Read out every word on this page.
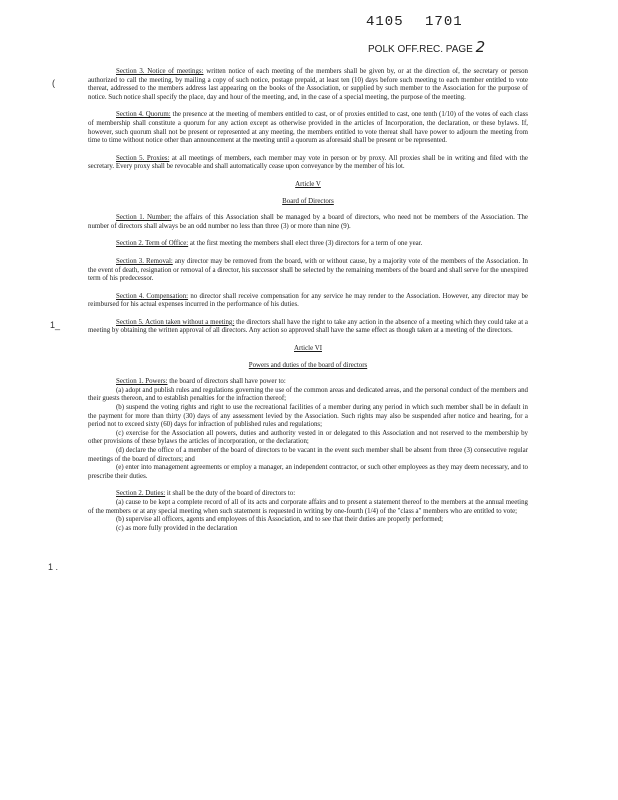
4105 1701
POLK OFF.REC. PAGE 2
(
1_
1 .

Section 3. Notice of meetings: written notice of each meeting of the members shall be given by, or at the direction of, the secretary or person authorized to call the meeting, by mailing a copy of such notice, postage prepaid, at least ten (10) days before such meeting to each member entitled to vote thereat, addressed to the members address last appearing on the books of the Association, or supplied by such member to the Association for the purpose of notice. Such notice shall specify the place, day and hour of the meeting, and, in the case of a special meeting, the purpose of the meeting.

Section 4. Quorum: the presence at the meeting of members entitled to cast, or of proxies entitled to cast, one tenth (1/10) of the votes of each class of membership shall constitute a quorum for any action except as otherwise provided in the articles of Incorporation, the declaration, or these bylaws. If, however, such quorum shall not be present or represented at any meeting, the members entitled to vote thereat shall have power to adjourn the meeting from time to time without notice other than announcement at the meeting until a quorum as aforesaid shall be present or be represented.

Section 5. Proxies: at all meetings of members, each member may vote in person or by proxy. All proxies shall be in writing and filed with the secretary. Every proxy shall be revocable and shall automatically cease upon conveyance by the member of his lot.

Article V

Board of Directors

Section 1. Number: the affairs of this Association shall be managed by a board of directors, who need not be members of the Association. The number of directors shall always be an odd number no less than three (3) or more than nine (9).

Section 2. Term of Office: at the first meeting the members shall elect three (3) directors for a term of one year.

Section 3. Removal: any director may be removed from the board, with or without cause, by a majority vote of the members of the Association. In the event of death, resignation or removal of a director, his successor shall be selected by the remaining members of the board and shall serve for the unexpired term of his predecessor.

Section 4. Compensation: no director shall receive compensation for any service he may render to the Association. However, any director may be reimbursed for his actual expenses incurred in the performance of his duties.

Section 5. Action taken without a meeting: the directors shall have the right to take any action in the absence of a meeting which they could take at a meeting by obtaining the written approval of all directors. Any action so approved shall have the same effect as though taken at a meeting of the directors.

Article VI

Powers and duties of the board of directors

Section 1. Powers: the board of directors shall have power to:

(a) adopt and publish rules and regulations governing the use of the common areas and dedicated areas, and the personal conduct of the members and their guests thereon, and to establish penalties for the infraction thereof;

(b) suspend the voting rights and right to use the recreational facilities of a member during any period in which such member shall be in default in the payment for more than thirty (30) days of any assessment levied by the Association. Such rights may also be suspended after notice and hearing, for a period not to exceed sixty (60) days for infraction of published rules and regulations;

(c) exercise for the Association all powers, duties and authority vested in or delegated to this Association and not reserved to the membership by other provisions of these bylaws the articles of incorporation, or the declaration;

(d) declare the office of a member of the board of directors to be vacant in the event such member shall be absent from three (3) consecutive regular meetings of the board of directors; and

(e) enter into management agreements or employ a manager, an independent contractor, or such other employees as they may deem necessary, and to prescribe their duties.

Section 2. Duties: it shall be the duty of the board of directors to:

(a) cause to be kept a complete record of all of its acts and corporate affairs and to present a statement thereof to the members at the annual meeting of the members or at any special meeting when such statement is requested in writing by one-fourth (1/4) of the "class a" members who are entitled to vote;

(b) supervise all officers, agents and employees of this Association, and to see that their duties are properly performed;

(c) as more fully provided in the declaration
